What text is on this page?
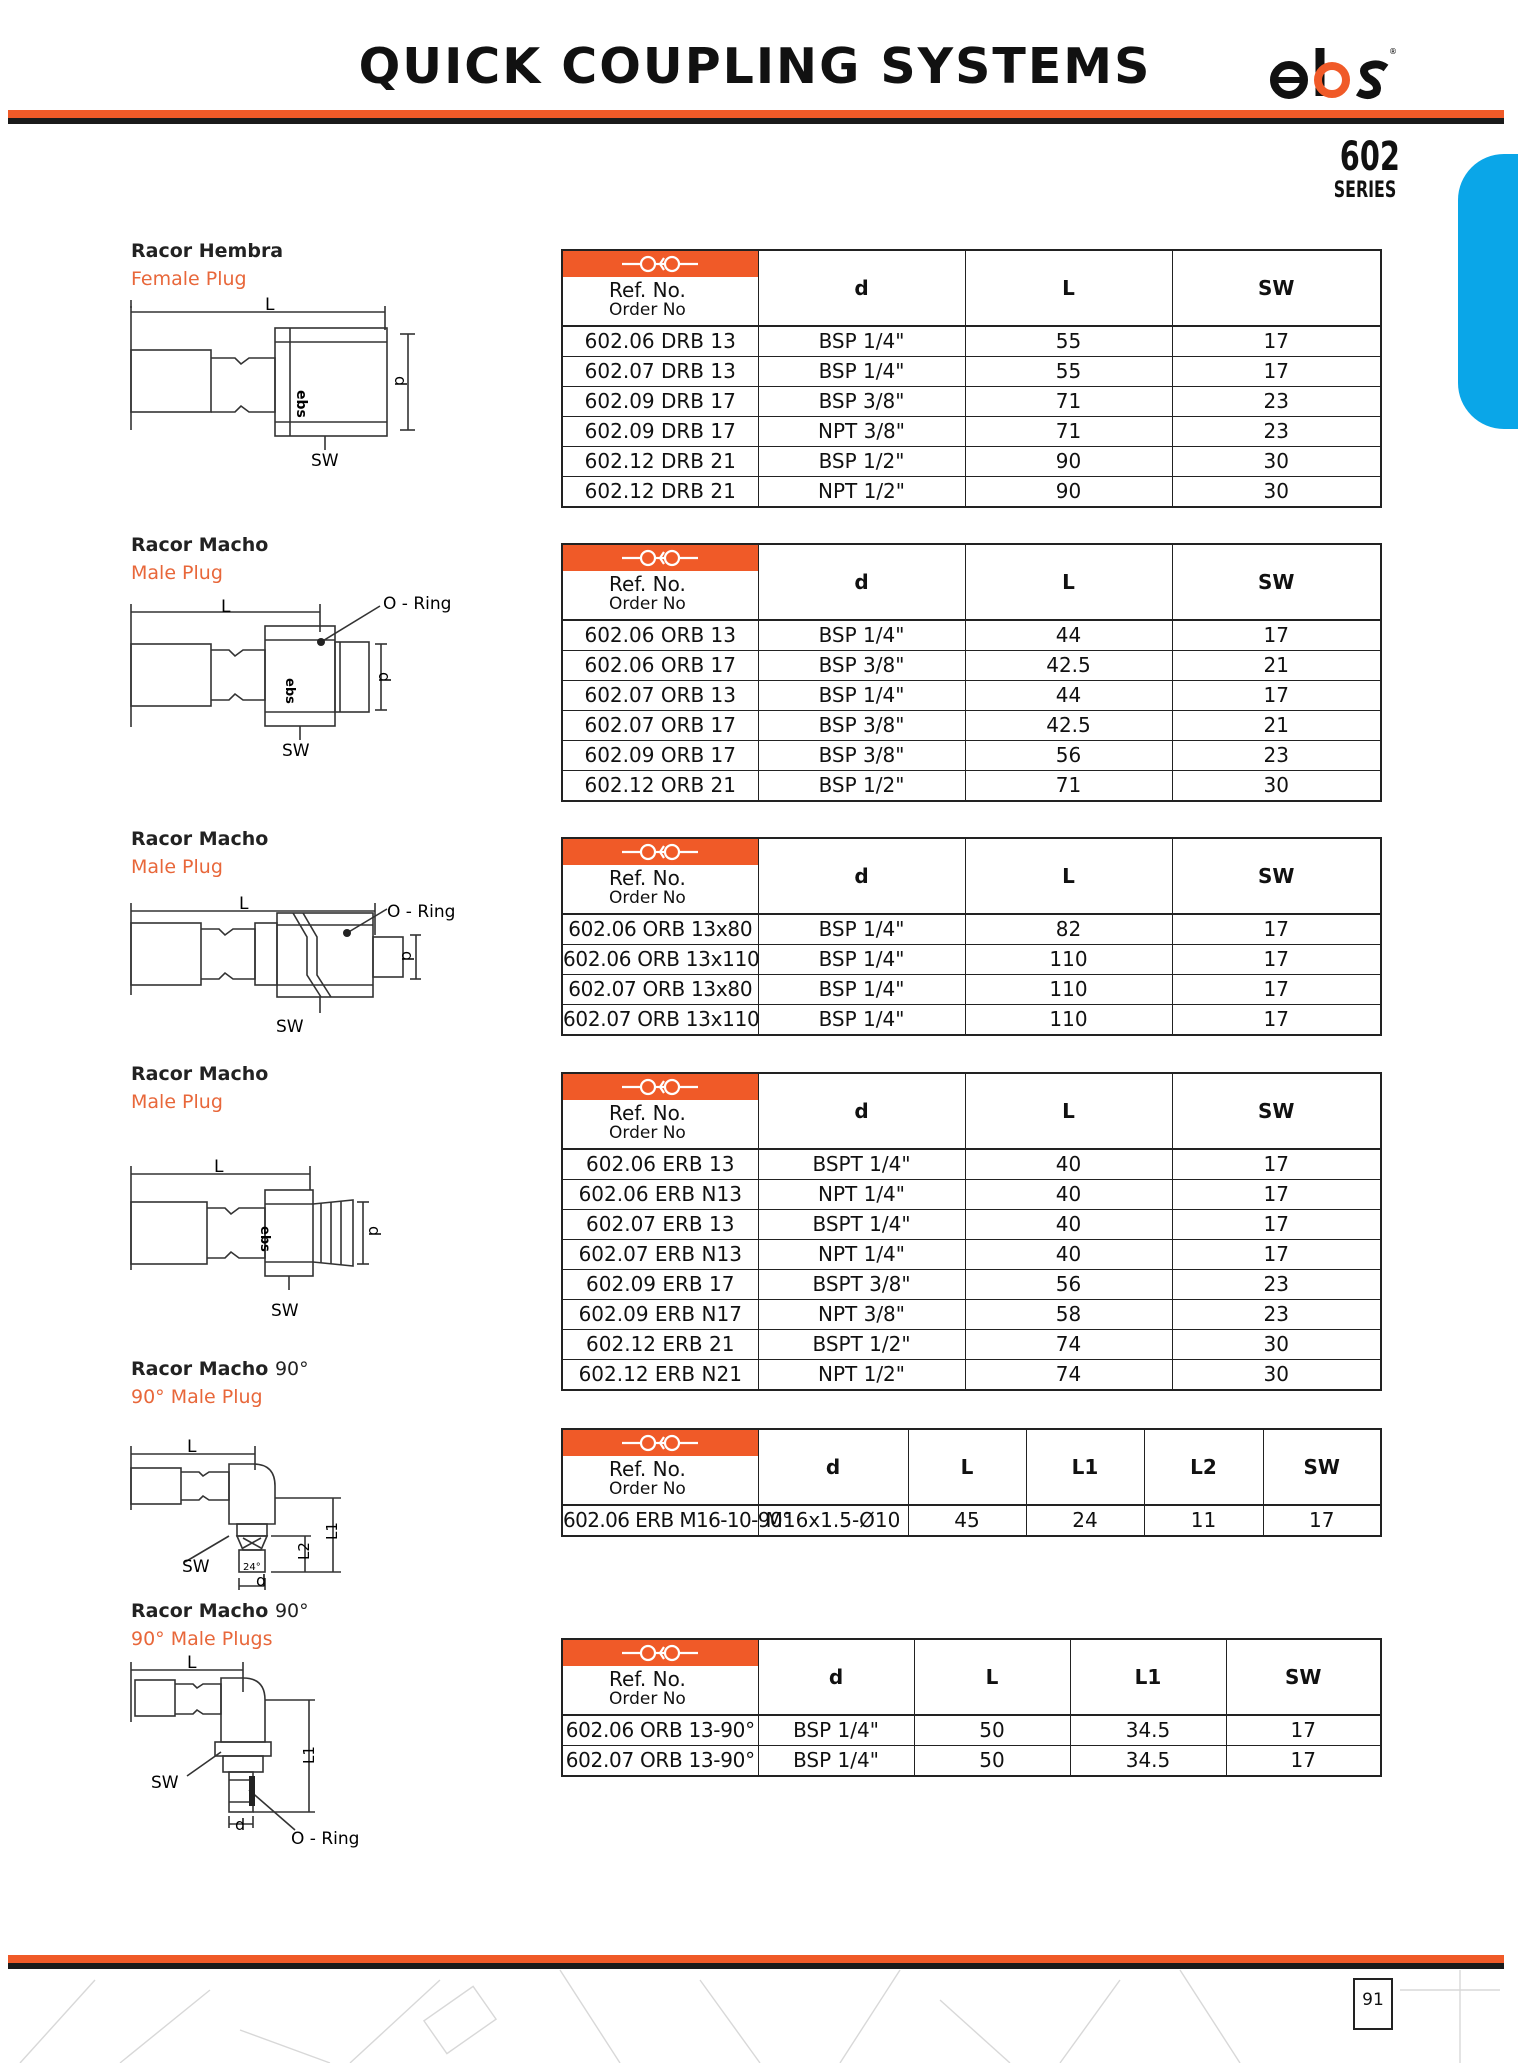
QUICK COUPLING SYSTEMS	®
602
SERIES
Racor Hembra
Female Plug
L
ebs
d
SW
Ref. No.
Order No	d	L	SW
602.06 DRB 13	BSP 1/4"	55	17
602.07 DRB 13	BSP 1/4"	55	17
602.09 DRB 17	BSP 3/8"	71	23
602.09 DRB 17	NPT 3/8"	71	23
602.12 DRB 21	BSP 1/2"	90	30
602.12 DRB 21	NPT 1/2"	90	30
Racor Macho
Male Plug
L	O - Ring
ebs
d
SW
Ref. No.
Order No	d	L	SW
602.06 ORB 13	BSP 1/4"	44	17
602.06 ORB 17	BSP 3/8"	42.5	21
602.07 ORB 13	BSP 1/4"	44	17
602.07 ORB 17	BSP 3/8"	42.5	21
602.09 ORB 17	BSP 3/8"	56	23
602.12 ORB 21	BSP 1/2"	71	30
Racor Macho
Male Plug
L	O - Ring
d
SW
Ref. No.
Order No	d	L	SW
602.06 ORB 13x80	BSP 1/4"	82	17
602.06 ORB 13x110	BSP 1/4"	110	17
602.07 ORB 13x80	BSP 1/4"	110	17
602.07 ORB 13x110	BSP 1/4"	110	17
Racor Macho
Male Plug
L
ebs	d
SW
Ref. No.
Order No	d	L	SW
602.06 ERB 13	BSPT 1/4"	40	17
602.06 ERB N13	NPT 1/4"	40	17
602.07 ERB 13	BSPT 1/4"	40	17
602.07 ERB N13	NPT 1/4"	40	17
602.09 ERB 17	BSPT 3/8"	56	23
602.09 ERB N17	NPT 3/8"	58	23
602.12 ERB 21	BSPT 1/2"	74	30
602.12 ERB N21	NPT 1/2"	74	30
Racor Macho 90°
90° Male Plug
L
L1
L2
SW	24°
d
Ref. No.
Order No	d	L	L1	L2	SW
602.06 ERB M16-10-90°	M16x1.5-Ø10	45	24	11	17
Racor Macho 90°
90° Male Plugs
L
L1
SW
d
O - Ring
Ref. No.
Order No	d	L	L1	SW
602.06 ORB 13-90°	BSP 1/4"	50	34.5	17
602.07 ORB 13-90°	BSP 1/4"	50	34.5	17
91
